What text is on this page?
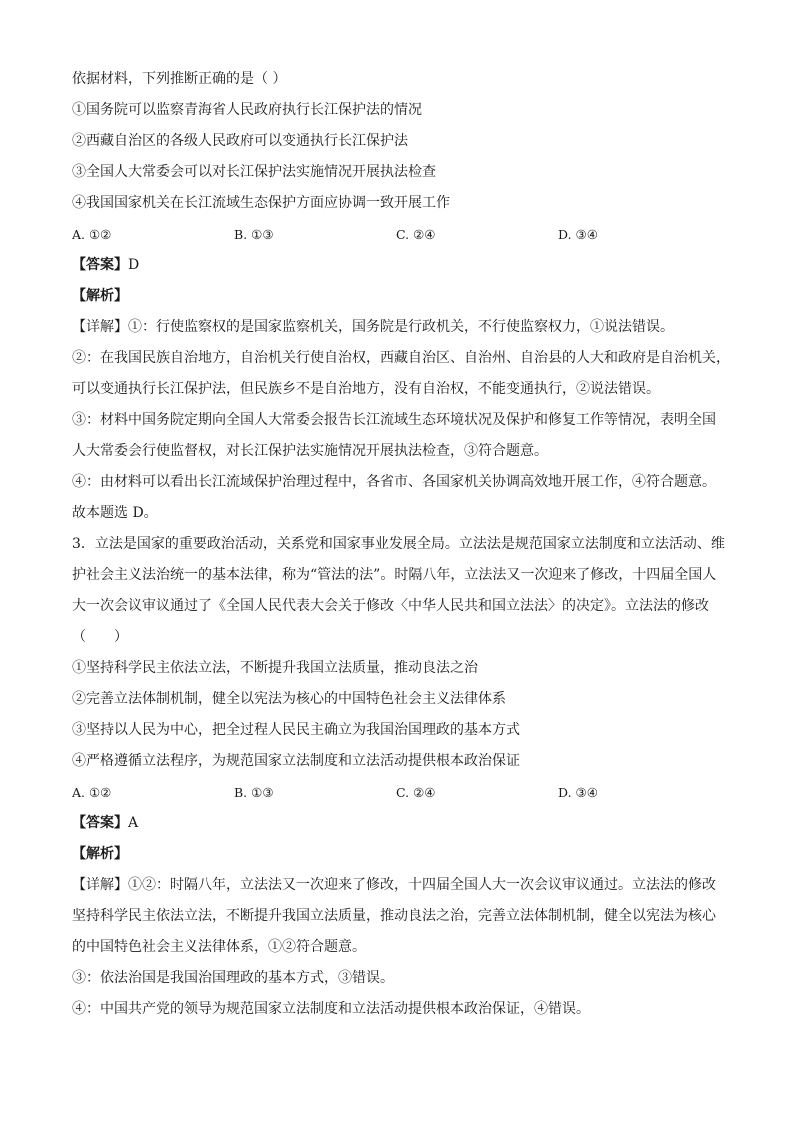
依据材料，下列推断正确的是（ ）
①国务院可以监察青海省人民政府执行长江保护法的情况
②西藏自治区的各级人民政府可以变通执行长江保护法
③全国人大常委会可以对长江保护法实施情况开展执法检查
④我国国家机关在长江流域生态保护方面应协调一致开展工作
A. ①②	B. ①③	C. ②④	D. ③④
【答案】D
【解析】
【详解】①：行使监察权的是国家监察机关，国务院是行政机关，不行使监察权力，①说法错误。
②：在我国民族自治地方，自治机关行使自治权，西藏自治区、自治州、自治县的人大和政府是自治机关，
可以变通执行长江保护法，但民族乡不是自治地方，没有自治权，不能变通执行，②说法错误。
③：材料中国务院定期向全国人大常委会报告长江流域生态环境状况及保护和修复工作等情况，表明全国
人大常委会行使监督权，对长江保护法实施情况开展执法检查，③符合题意。
④：由材料可以看出长江流域保护治理过程中，各省市、各国家机关协调高效地开展工作，④符合题意。
故本题选 D。
3．立法是国家的重要政治活动，关系党和国家事业发展全局。立法法是规范国家立法制度和立法活动、维
护社会主义法治统一的基本法律，称为“管法的法”。时隔八年，立法法又一次迎来了修改，十四届全国人
大一次会议审议通过了《全国人民代表大会关于修改〈中华人民共和国立法法〉的决定》。立法法的修改
（　　）
①坚持科学民主依法立法，不断提升我国立法质量，推动良法之治
②完善立法体制机制，健全以宪法为核心的中国特色社会主义法律体系
③坚持以人民为中心，把全过程人民民主确立为我国治国理政的基本方式
④严格遵循立法程序，为规范国家立法制度和立法活动提供根本政治保证
A. ①②	B. ①③	C. ②④	D. ③④
【答案】A
【解析】
【详解】①②：时隔八年，立法法又一次迎来了修改，十四届全国人大一次会议审议通过。立法法的修改
坚持科学民主依法立法，不断提升我国立法质量，推动良法之治，完善立法体制机制，健全以宪法为核心
的中国特色社会主义法律体系，①②符合题意。
③：依法治国是我国治国理政的基本方式，③错误。
④：中国共产党的领导为规范国家立法制度和立法活动提供根本政治保证，④错误。
